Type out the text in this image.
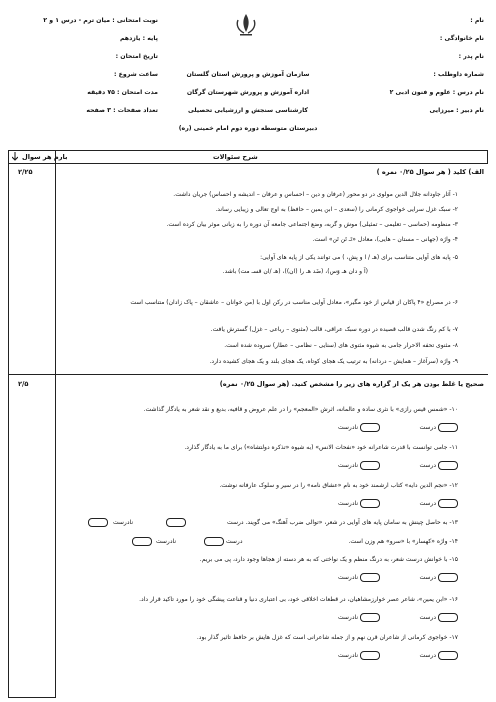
نام :
نام خانوادگی :
نام پدر :
شماره داوطلب :
نام درس : علوم و فنون ادبی ۲
نام دبیر : میرزایی
سازمان آموزش و پرورش استان گلستان
اداره آموزش و پرورش شهرستان گرگان
کارشناسی سنجش و ارزشیابی تحصیلی
دبیرستان متوسطه دوره دوم امام خمینی (ره)
نوبت امتحانی : میان ترم - درس ۱ و ۲
پایه : یازدهم
تاریخ امتحان :
ساعت شروع :
مدت امتحان : ۷۵ دقیقه
تعداد صفحات : ۳ صفحه
شرح سئوالات
بارم هر سوال
الف) کلید ( هر سوال ۰/۲۵ نمره )
۲/۲۵
۱- آثار جاودانه جلال الدین مولوی در دو محور (عرفان و دین – احساس و عرفان – اندیشه و احساس) جریان داشت.
۲- سبک غزل سرایی خواجوی کرمانی را (سعدی – ابن یمین – حافظ) به اوج تعالی و زیبایی رساند.
۳- منظومه (حماسی – تعلیمی – تمثیلی) موش و گربه، وضع اجتماعی جامعه آن دوره را به زبانی موثر بیان کرده است.
۴- واژه (جهانی – مستان – هایی)، معادل «تَـ تَن تَن» است.
۵- پایه های آوایی متناسب برای (هـ / ا و پش، ) می توانند یکی از پایه های آوایی:
(آ و دان هـ وَس)، (ضَد هـ را (ان))، (هـ /ان قسـ مت) باشد.
۶- در مصراع «۴ پاکان از قیاس از خود مگیر»، معادل آوایی مناسب در رکن اول با (من خوانان – عاشقان – پاک زادان) متناسب است
۷- با کم رنگ شدن قالب قصیده در دوره سبک عراقی، قالب (مثنوی – رباعی – غزل) گسترش یافت.
۸- مثنوی تحفه الاحرار جامی به شیوه مثنوی های (سنایی – نظامی – عطار) سروده شده است.
۹- واژه (سرآغاز – همایش – دردانه) به ترتیب یک هجای کوتاه، یک هجای بلند و یک هجای کشیده دارد.
صحیح یا غلط بودن هر یک از گزاره های زیر را مشخص کنید. (هر سوال ۰/۲۵ نمره)
۲/۵
۱۰- «شمس قیس رازی» با نثری ساده و عالمانه، اثرش «المعجم» را در علم عروض و قافیه، بدیع و نقد شعر به یادگار گذاشت.
درست
نادرست
۱۱- جامی توانست با قدرت شاعرانه خود «نفحات الانس» (به شیوه «تذکره دولتشاه») برای ما به یادگار گذارد.
درست
نادرست
۱۲- «نجم الدین دایه» کتاب ارشمند خود به نام «عشاق نامه» را در سیر و سلوک عارفانه نوشت.
درست
نادرست
۱۳- به حاصل چینش به سامان پایه های آوایی در شعر، «توالی ضرب آهنگ» می گویند. درست
نادرست
۱۴- واژه «کهسار» با «سرو» هم وزن است.
درست
نادرست
۱۵- با خوانش درست شعر، به درنگ منظم و یک نواختی که به هر دسته از هجاها وجود دارد، پی می بریم.
درست
نادرست
۱۶- «ابن یمین»، شاعر عصر خوارزمشاهیان، در قطعات اخلاقی خود، بی اعتباری دنیا و قناعت پیشگی خود را مورد تاکید قرار داد.
درست
نادرست
۱۷- خواجوی کرمانی از شاعران قرن نهم و از جمله شاعرانی است که غزل هایش بر حافظ تاثیر گذار بود.
درست
نادرست
